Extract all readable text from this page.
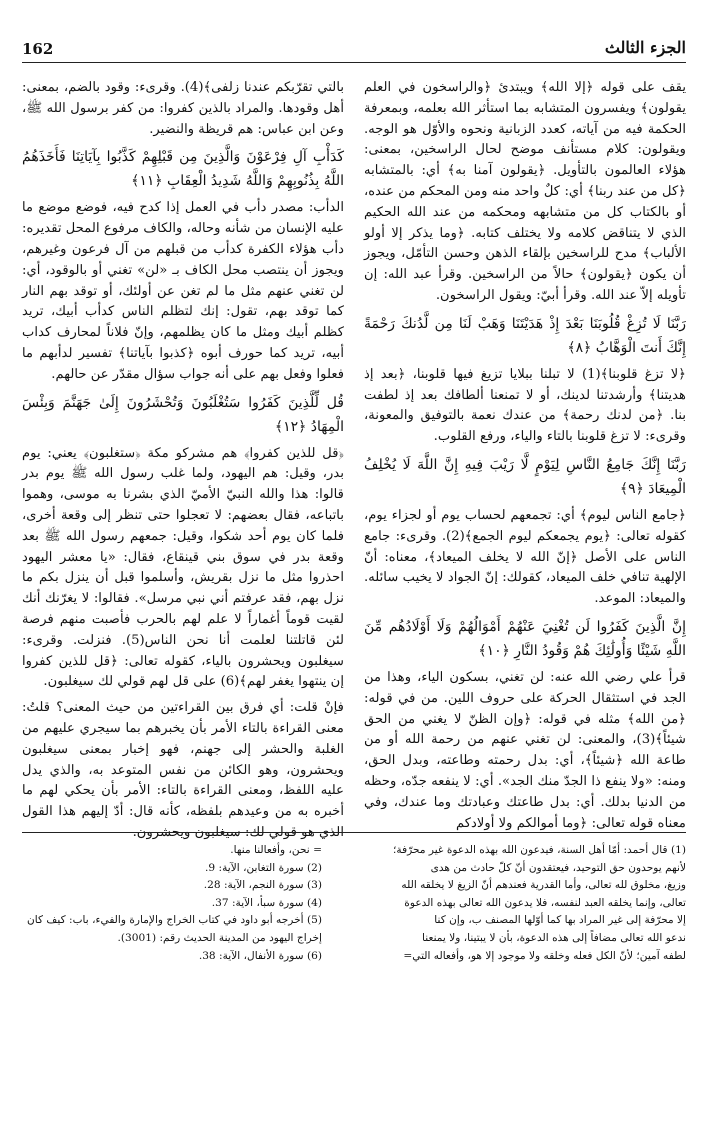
162	الجزء الثالث

يقف على قوله ﴿إلا الله﴾ ويبتدئ ﴿والراسخون في العلم يقولون﴾ ويفسرون المتشابه بما استأثر الله بعلمه، وبمعرفة الحكمة فيه من آياته، كعدد الزبانية ونحوه والأوّل هو الوجه. ويقولون: كلام مستأنف موضح لحال الراسخين، بمعنى: هؤلاء العالمون بالتأويل. ﴿يقولون آمنا به﴾ أي: بالمتشابه ﴿كل من عند ربنا﴾ أي: كلٌ واحد منه ومن المحكم من عنده، أو بالكتاب كل من متشابهه ومحكمه من عند الله الحكيم الذي لا يتناقض كلامه ولا يختلف كتابه. ﴿وما يذكر إلا أولو الألباب﴾ مدح للراسخين بإلقاء الذهن وحسن التأمّل، ويجوز أن يكون ﴿يقولون﴾ حالاً من الراسخين. وقرأ عبد الله: إن تأويله إلاّ عند الله. وقرأ أبيّ: ويقول الراسخون.

رَبَّنَا لَا تُزِغْ قُلُوبَنَا بَعْدَ إِذْ هَدَيْتَنَا وَهَبْ لَنَا مِن لَّدُنكَ رَحْمَةً إِنَّكَ أَنتَ الْوَهَّابُ ﴿٨﴾

﴿لا تزغ قلوبنا﴾(1) لا تبلنا ببلايا تزيغ فيها قلوبنا، ﴿بعد إذ هديتنا﴾ وأرشدتنا لدينك، أو لا تمنعنا ألطافك بعد إذ لطفت بنا. ﴿من لدنك رحمة﴾ من عندك نعمة بالتوفيق والمعونة، وقرىء: لا تزغ قلوبنا بالتاء والياء، ورفع القلوب.

رَبَّنَا إِنَّكَ جَامِعُ النَّاسِ لِيَوْمٍ لَّا رَيْبَ فِيهِ إِنَّ اللَّهَ لَا يُخْلِفُ الْمِيعَادَ ﴿٩﴾

﴿جامع الناس ليوم﴾ أي: تجمعهم لحساب يوم أو لجزاء يوم، كقوله تعالى: ﴿يوم يجمعكم ليوم الجمع﴾(2). وقرىء: جامع الناس على الأصل ﴿إنّ الله لا يخلف الميعاد﴾، معناه: أنّ الإلهية تنافي خلف الميعاد، كقولك: إنّ الجواد لا يخيب سائله. والميعاد: الموعد.

إِنَّ الَّذِينَ كَفَرُوا لَن تُغْنِيَ عَنْهُمْ أَمْوَالُهُمْ وَلَا أَوْلَادُهُم مِّنَ اللَّهِ شَيْئًا وَأُولَٰئِكَ هُمْ وَقُودُ النَّارِ ﴿١٠﴾

قرأ علي رضي الله عنه: لن تغني، بسكون الياء، وهذا من الجد في استثقال الحركة على حروف اللين. من في قوله: ﴿من الله﴾ مثله في قوله: ﴿وإن الظنّ لا يغني من الحق شيئاً﴾(3)، والمعنى: لن تغني عنهم من رحمة الله أو من طاعة الله ﴿شيئاً﴾، أي: بدل رحمته وطاعته، وبدل الحق، ومنه: «ولا ينفع ذا الجدّ منك الجد». أي: لا ينفعه جدّه، وحظه من الدنيا بدلك. أي: بدل طاعتك وعبادتك وما عندك، وفي معناه قوله تعالى: ﴿وما أموالكم ولا أولادكم

بالتي تقرّبكم عندنا زلفى﴾(4). وقرىء: وقود بالضم، بمعنى: أهل وقودها. والمراد بالذين كفروا: من كفر برسول الله ﷺ، وعن ابن عباس: هم قريظة والنضير.

كَدَأْبِ آلِ فِرْعَوْنَ وَالَّذِينَ مِن قَبْلِهِمْ كَذَّبُوا بِآيَاتِنَا فَأَخَذَهُمُ اللَّهُ بِذُنُوبِهِمْ وَاللَّهُ شَدِيدُ الْعِقَابِ ﴿١١﴾

الدأب: مصدر دأب في العمل إذا كدح فيه، فوضع موضع ما عليه الإنسان من شأنه وحاله، والكاف مرفوع المحل تقديره: دأب هؤلاء الكفرة كدأب من قبلهم من آل فرعون وغيرهم، ويجوز أن ينتصب محل الكاف بـ «لن» تغني أو بالوقود، أي: لن تغني عنهم مثل ما لم تغن عن أولئك، أو توقد بهم النار كما توقد بهم، تقول: إنك لتظلم الناس كدأب أبيك، تريد كظلم أبيك ومثل ما كان يظلمهم، وإنّ فلاناً لمحارف كداب أبيه، تريد كما حورف أبوه ﴿كذبوا بآياتنا﴾ تفسير لدأبهم ما فعلوا وفعل بهم على أنه جواب سؤال مقدّر عن حالهم.

قُل لِّلَّذِينَ كَفَرُوا سَتُغْلَبُونَ وَتُحْشَرُونَ إِلَىٰ جَهَنَّمَ وَبِئْسَ الْمِهَادُ ﴿١٢﴾

﴿قل للذين كفروا﴾ هم مشركو مكة ﴿ستغلبون﴾ يعني: يوم بدر، وقيل: هم اليهود، ولما غلب رسول الله ﷺ يوم بدر قالوا: هذا والله النبيّ الأميّ الذي بشرنا به موسى، وهموا باتباعه، فقال بعضهم: لا تعجلوا حتى تنظر إلى وقعة أخرى، فلما كان يوم أحد شكوا، وقيل: جمعهم رسول الله ﷺ بعد وقعة بدر في سوق بني قينقاع، فقال: «يا معشر اليهود احذروا مثل ما نزل بقريش، وأسلموا قبل أن ينزل بكم ما نزل بهم، فقد عرفتم أني نبي مرسل». فقالوا: لا يغرّنك أنك لقيت قوماً أغماراً لا علم لهم بالحرب فأصبت منهم فرصة لئن قاتلتنا لعلمت أنا نحن الناس(5). فنزلت. وقرىء: سيغلبون ويحشرون بالياء، كقوله تعالى: ﴿قل للذين كفروا إن ينتهوا يغفر لهم﴾(6) على قل لهم قولي لك سيغلبون.

فإنْ قلت: أي فرق بين القراءتين من حيث المعنى؟ قلتُ: معنى القراءة بالتاء الأمر بأن يخبرهم بما سيجري عليهم من الغلبة والحشر إلى جهنم، فهو إخبار بمعنى سيغلبون ويحشرون، وهو الكائن من نفس المتوعد به، والذي يدل عليه اللفظ، ومعنى القراءة بالتاء: الأمر بأن يحكي لهم ما أخبره به من وعيدهم بلفظه، كأنه قال: أدّ إليهم هذا القول الذي هو قولي لك: سيغلبون ويحشرون.

(1) قال أحمد: أمّا أهل السنة، فيدعون الله بهذه الدعوة غير محرّفة؛

لأنهم يوحدون حق التوحيد، فيعتقدون أنّ كلّ حادث من هدى

وزيغ، مخلوق لله تعالى، وأما القدرية فعندهم أنّ الزيغ لا يخلقه الله

تعالى، وإنما يخلقه العبد لنفسه، فلا يدعون الله تعالى بهذه الدعوة

إلا محرّفة إلى غير المراد بها كما أوّلها المصنف ب، وإن كنا

ندعو الله تعالى مضافاً إلى هذه الدعوة، بأن لا يبتينا، ولا يمنعنا

لطفه آمين؛ لأنّ الكل فعله وخلقه ولا موجود إلا هو، وأفعاله التي=

= نحن، وأفعالنا منها.

(2) سورة التغابن، الآية: 9.

(3) سورة النجم، الآية: 28.

(4) سورة سبأ، الآية: 37.

(5) أخرجه أبو داود في كتاب الخراج والإمارة والفيء، باب: كيف كان إخراج اليهود من المدينة الحديث رقم: (3001).

(6) سورة الأنفال، الآية: 38.
